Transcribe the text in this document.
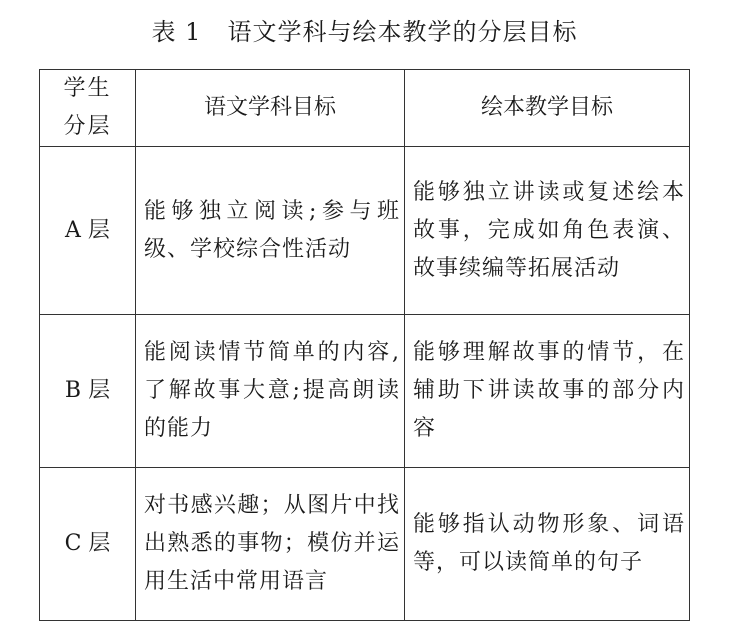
表 1 语文学科与绘本教学的分层目标
学生分层	语文学科目标	绘本教学目标
A 层	能够独立阅读;参与班级、学校综合性活动	能够独立讲读或复述绘本故事，完成如角色表演、故事续编等拓展活动
B 层	能阅读情节简单的内容,了解故事大意;提高朗读的能力	能够理解故事的情节，在辅助下讲读故事的部分内容
C 层	对书感兴趣；从图片中找出熟悉的事物；模仿并运用生活中常用语言	能够指认动物形象、词语等，可以读简单的句子
